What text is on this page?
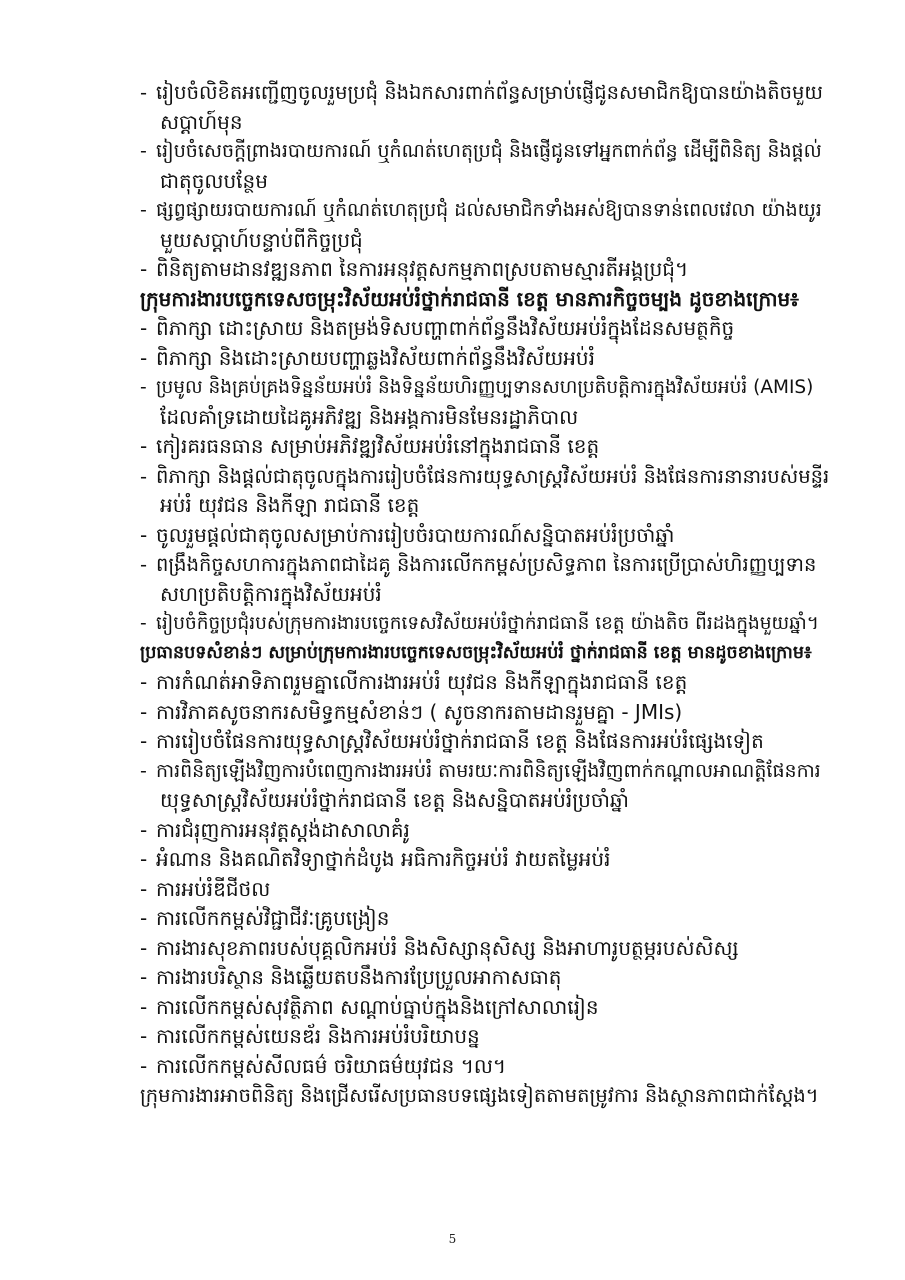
- រៀបចំលិខិតអញ្ជើញចូលរួមប្រជុំ និងឯកសារពាក់ព័ន្ធសម្រាប់ផ្ញើជូនសមាជិកឱ្យបានយ៉ាងតិចមួយ
សប្តាហ៍មុន
- រៀបចំសេចក្តីព្រាងរបាយការណ៍ ឬកំណត់ហេតុប្រជុំ និងផ្ញើជូនទៅអ្នកពាក់ព័ន្ធ ដើម្បីពិនិត្យ និងផ្តល់
ជាតុចូលបន្ថែម
- ផ្សព្វផ្សាយរបាយការណ៍ ឬកំណត់ហេតុប្រជុំ ដល់សមាជិកទាំងអស់ឱ្យបានទាន់ពេលវេលា យ៉ាងយូរ
មួយសប្តាហ៍បន្ទាប់ពីកិច្ចប្រជុំ
- ពិនិត្យតាមដានវឌ្ឍនភាព នៃការអនុវត្តសកម្មភាពស្របតាមស្មារតីអង្គប្រជុំ។
ក្រុមការងារបច្ចេកទេសចម្រុះវិស័យអប់រំថ្នាក់រាជធានី ខេត្ត មានភារកិច្ចចម្បង ដូចខាងក្រោម៖
- ពិភាក្សា ដោះស្រាយ និងតម្រង់ទិសបញ្ហាពាក់ព័ន្ធនឹងវិស័យអប់រំក្នុងដែនសមត្ថកិច្ច
- ពិភាក្សា និងដោះស្រាយបញ្ហាឆ្លងវិស័យពាក់ព័ន្ធនឹងវិស័យអប់រំ
- ប្រមូល និងគ្រប់គ្រងទិន្នន័យអប់រំ និងទិន្នន័យហិរញ្ញប្បទានសហប្រតិបត្តិការក្នុងវិស័យអប់រំ (AMIS)
ដែលគាំទ្រដោយដៃគូអភិវឌ្ឍ និងអង្គការមិនមែនរដ្ឋាភិបាល
- កៀរគរធនធាន សម្រាប់អភិវឌ្ឍវិស័យអប់រំនៅក្នុងរាជធានី ខេត្ត
- ពិភាក្សា និងផ្តល់ជាតុចូលក្នុងការរៀបចំផែនការយុទ្ធសាស្ត្រវិស័យអប់រំ និងផែនការនានារបស់មន្ទីរ
អប់រំ យុវជន និងកីឡា រាជធានី ខេត្ត
- ចូលរួមផ្តល់ជាតុចូលសម្រាប់ការរៀបចំរបាយការណ៍សន្និបាតអប់រំប្រចាំឆ្នាំ
- ពង្រឹងកិច្ចសហការក្នុងភាពជាដៃគូ និងការលើកកម្ពស់ប្រសិទ្ធភាព នៃការប្រើប្រាស់ហិរញ្ញប្បទាន
សហប្រតិបត្តិការក្នុងវិស័យអប់រំ
- រៀបចំកិច្ចប្រជុំរបស់ក្រុមការងារបច្ចេកទេសវិស័យអប់រំថ្នាក់រាជធានី ខេត្ត យ៉ាងតិច ពីរដងក្នុងមួយឆ្នាំ។
ប្រធានបទសំខាន់ៗ សម្រាប់ក្រុមការងារបច្ចេកទេសចម្រុះវិស័យអប់រំ ថ្នាក់រាជធានី ខេត្ត មានដូចខាងក្រោម៖
- ការកំណត់អាទិភាពរួមគ្នាលើការងារអប់រំ យុវជន និងកីឡាក្នុងរាជធានី ខេត្ត
- ការវិភាគសូចនាករសមិទ្ធកម្មសំខាន់ៗ ( សូចនាករតាមដានរួមគ្នា - JMIs)
- ការរៀបចំផែនការយុទ្ធសាស្ត្រវិស័យអប់រំថ្នាក់រាជធានី ខេត្ត និងផែនការអប់រំផ្សេងទៀត
- ការពិនិត្យឡើងវិញការបំពេញការងារអប់រំ តាមរយៈការពិនិត្យឡើងវិញពាក់កណ្តាលអាណត្តិផែនការ
យុទ្ធសាស្ត្រវិស័យអប់រំថ្នាក់រាជធានី ខេត្ត និងសន្និបាតអប់រំប្រចាំឆ្នាំ
- ការជំរុញការអនុវត្តស្តង់ដាសាលាគំរូ
- អំណាន និងគណិតវិទ្យាថ្នាក់ដំបូង អធិការកិច្ចអប់រំ វាយតម្លៃអប់រំ
- ការអប់រំឌីជីថល
- ការលើកកម្ពស់វិជ្ជាជីវៈគ្រូបង្រៀន
- ការងារសុខភាពរបស់បុគ្គលិកអប់រំ និងសិស្សានុសិស្ស និងអាហារូបត្ថម្ភរបស់សិស្ស
- ការងារបរិស្ថាន និងឆ្លើយតបនឹងការប្រែប្រួលអាកាសធាតុ
- ការលើកកម្ពស់សុវត្ថិភាព សណ្តាប់ធ្នាប់ក្នុងនិងក្រៅសាលារៀន
- ការលើកកម្ពស់យេនឌ័រ និងការអប់រំបរិយាបន្ន
- ការលើកកម្ពស់សីលធម៌ ចរិយាធម៌យុវជន ។ល។
ក្រុមការងារអាចពិនិត្យ និងជ្រើសរើសប្រធានបទផ្សេងទៀតតាមតម្រូវការ និងស្ថានភាពជាក់ស្តែង។
5
